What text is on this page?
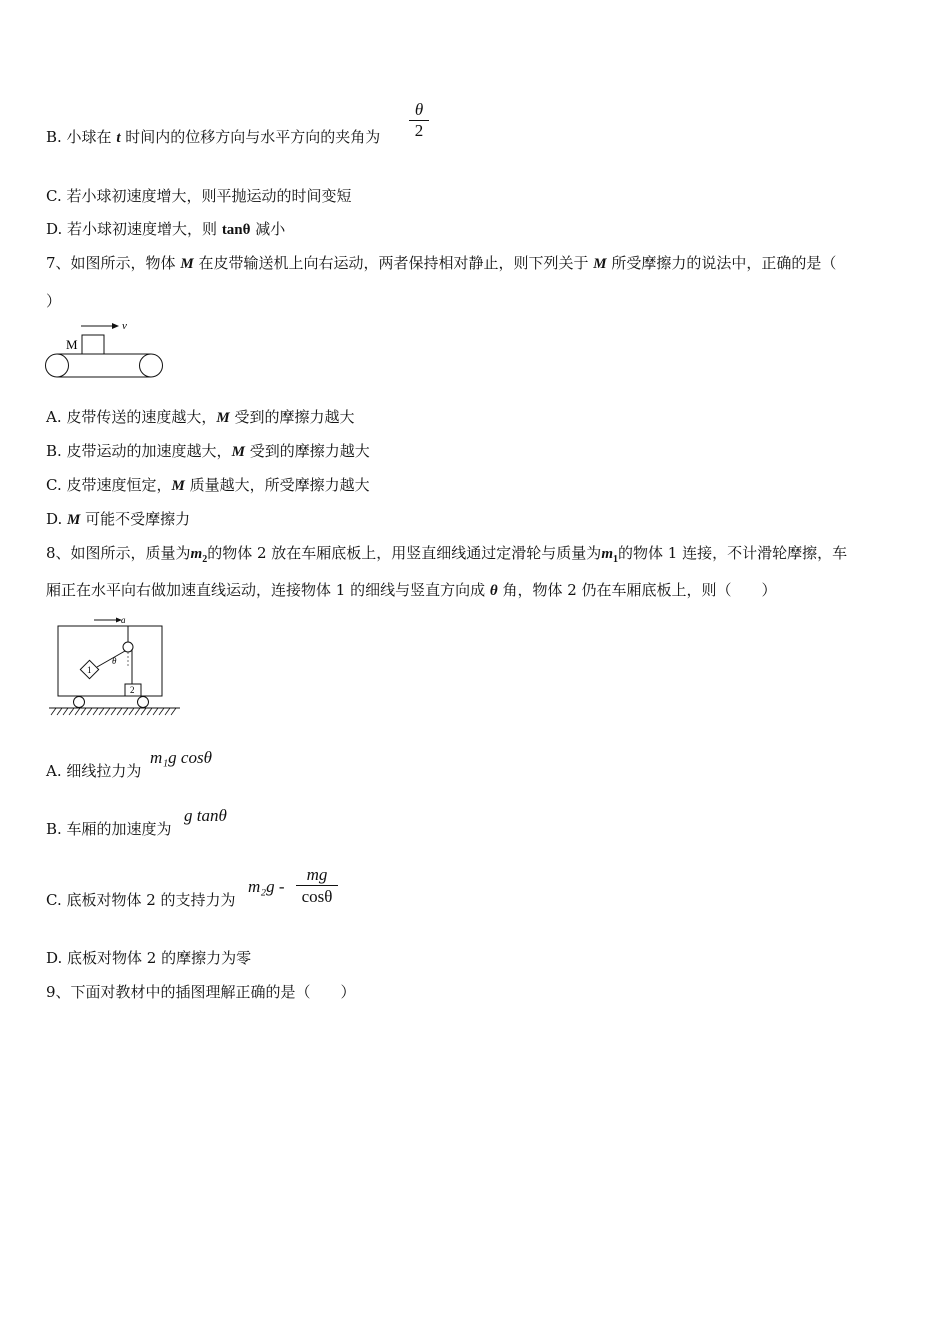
B. 小球在 t 时间内的位移方向与水平方向的夹角为
θ
2
C. 若小球初速度增大，则平抛运动的时间变短
D. 若小球初速度增大，则 tanθ 减小
7、如图所示，物体 M 在皮带输送机上向右运动，两者保持相对静止，则下列关于 M 所受摩擦力的说法中，正确的是（
）
v
M
A. 皮带传送的速度越大，M 受到的摩擦力越大
B. 皮带运动的加速度越大，M 受到的摩擦力越大
C. 皮带速度恒定，M 质量越大，所受摩擦力越大
D. M 可能不受摩擦力
8、如图所示，质量为$m_2$的物体 2 放在车厢底板上，用竖直细线通过定滑轮与质量为$m_1$的物体 1 连接，不计滑轮摩擦，车
厢正在水平向右做加速直线运动，连接物体 1 的细线与竖直方向成 θ 角，物体 2 仍在车厢底板上，则（　　）
a
θ
1
2
A. 细线拉力为
m₁g cosθ
B. 车厢的加速度为
g tanθ
C. 底板对物体 2 的支持力为
m₂g -
mg
cosθ
D. 底板对物体 2 的摩擦力为零
9、下面对教材中的插图理解正确的是（　　）
